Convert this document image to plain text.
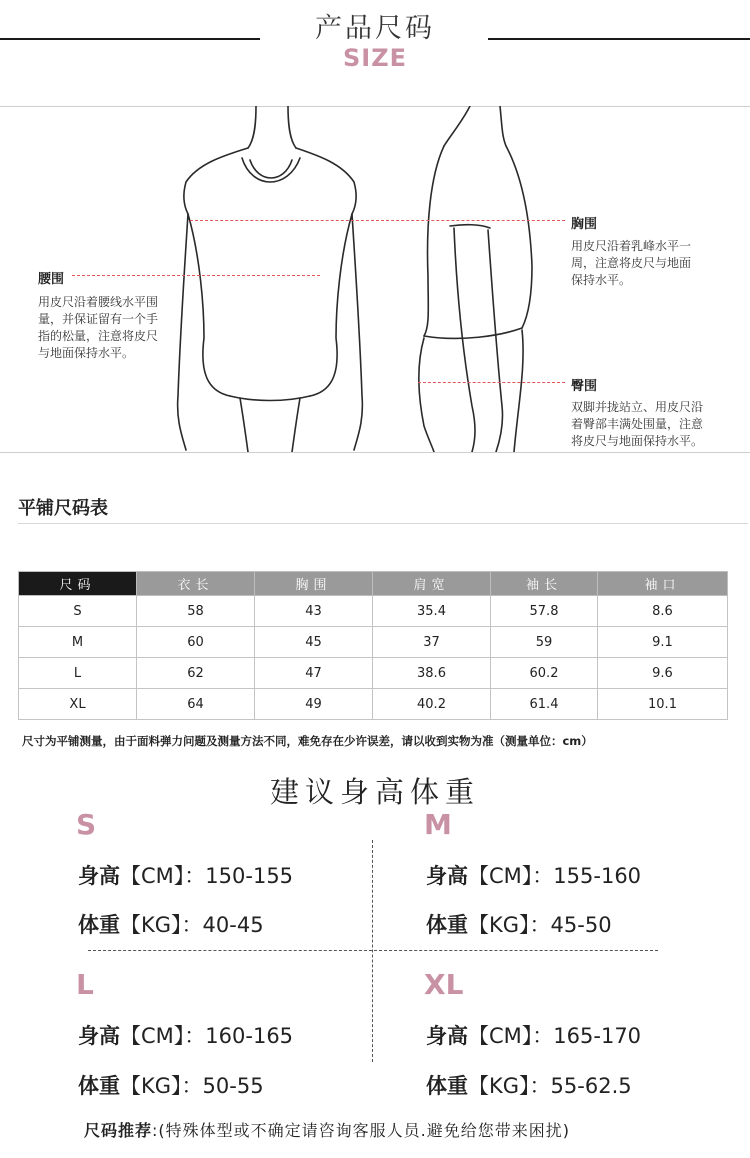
产品尺码
SIZE
腰围
用皮尺沿着腰线水平围
量，并保证留有一个手
指的松量，注意将皮尺
与地面保持水平。
胸围
用皮尺沿着乳峰水平一
周，注意将皮尺与地面
保持水平。
臀围
双脚并拢站立、用皮尺沿
着臀部丰满处围量，注意
将皮尺与地面保持水平。
平铺尺码表
尺码	衣长	胸围	肩宽	袖长	袖口
S	58	43	35.4	57.8	8.6
M	60	45	37	59	9.1
L	62	47	38.6	60.2	9.6
XL	64	49	40.2	61.4	10.1
尺寸为平铺测量，由于面料弹力问题及测量方法不同，难免存在少许误差，请以收到实物为准（测量单位：cm）
建议身高体重
S
身高【CM】：150-155
体重【KG】：40-45
M
身高【CM】：155-160
体重【KG】：45-50
L
身高【CM】：160-165
体重【KG】：50-55
XL
身高【CM】：165-170
体重【KG】：55-62.5
尺码推荐:(特殊体型或不确定请咨询客服人员.避免给您带来困扰)
